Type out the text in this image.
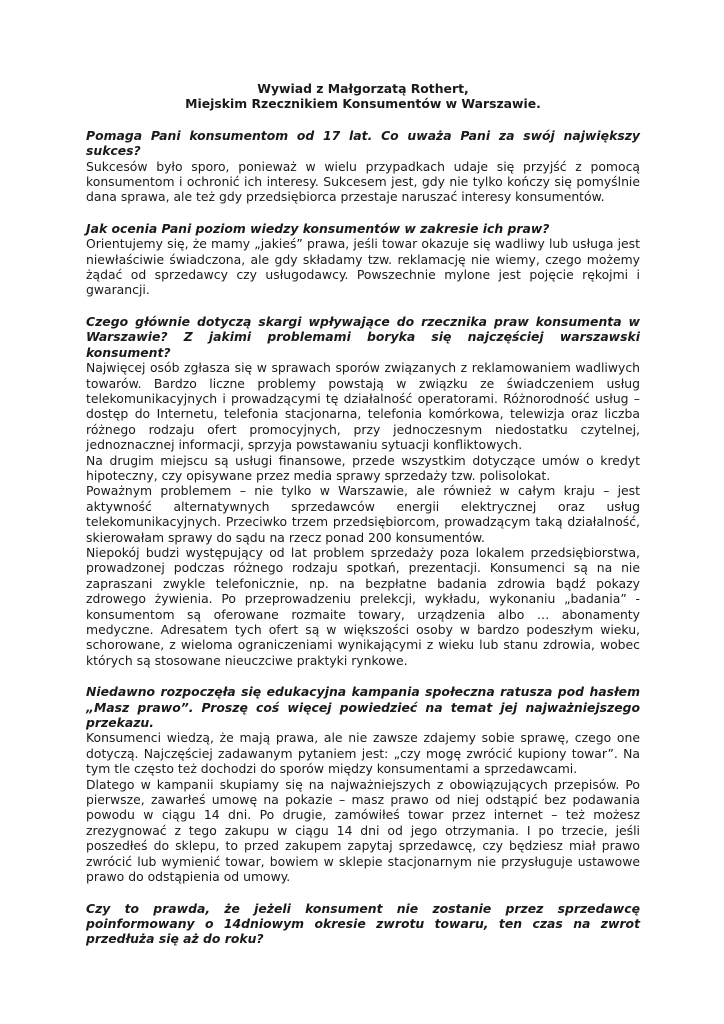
Wywiad z Małgorzatą Rothert,
Miejskim Rzecznikiem Konsumentów w Warszawie.

Pomaga Pani konsumentom od 17 lat. Co uważa Pani za swój największy sukces?

Sukcesów było sporo, ponieważ w wielu przypadkach udaje się przyjść z pomocą konsumentom i ochronić ich interesy. Sukcesem jest, gdy nie tylko kończy się pomyślnie dana sprawa, ale też gdy przedsiębiorca przestaje naruszać interesy konsumentów.

Jak ocenia Pani poziom wiedzy konsumentów w zakresie ich praw?

Orientujemy się, że mamy „jakieś” prawa, jeśli towar okazuje się wadliwy lub usługa jest niewłaściwie świadczona, ale gdy składamy tzw. reklamację nie wiemy, czego możemy żądać od sprzedawcy czy usługodawcy. Powszechnie mylone jest pojęcie rękojmi i gwarancji.

Czego głównie dotyczą skargi wpływające do rzecznika praw konsumenta w Warszawie? Z jakimi problemami boryka się najczęściej warszawski konsument?

Najwięcej osób zgłasza się w sprawach sporów związanych z reklamowaniem wadliwych towarów. Bardzo liczne problemy powstają w związku ze świadczeniem usług telekomunikacyjnych i prowadzącymi tę działalność operatorami. Różnorodność usług – dostęp do Internetu, telefonia stacjonarna, telefonia komórkowa, telewizja oraz liczba różnego rodzaju ofert promocyjnych, przy jednoczesnym niedostatku czytelnej, jednoznacznej informacji, sprzyja powstawaniu sytuacji konfliktowych.

Na drugim miejscu są usługi finansowe, przede wszystkim dotyczące umów o kredyt hipoteczny, czy opisywane przez media sprawy sprzedaży tzw. polisolokat.

Poważnym problemem – nie tylko w Warszawie, ale również w całym kraju – jest aktywność alternatywnych sprzedawców energii elektrycznej oraz usług telekomunikacyjnych. Przeciwko trzem przedsiębiorcom, prowadzącym taką działalność, skierowałam sprawy do sądu na rzecz ponad 200 konsumentów.

Niepokój budzi występujący od lat problem sprzedaży poza lokalem przedsiębiorstwa, prowadzonej podczas różnego rodzaju spotkań, prezentacji. Konsumenci są na nie zapraszani zwykle telefonicznie, np. na bezpłatne badania zdrowia bądź pokazy zdrowego żywienia. Po przeprowadzeniu prelekcji, wykładu, wykonaniu „badania” - konsumentom są oferowane rozmaite towary, urządzenia albo … abonamenty medyczne. Adresatem tych ofert są w większości osoby w bardzo podeszłym wieku, schorowane, z wieloma ograniczeniami wynikającymi z wieku lub stanu zdrowia, wobec których są stosowane nieuczciwe praktyki rynkowe.

Niedawno rozpoczęła się edukacyjna kampania społeczna ratusza pod hasłem „Masz prawo”. Proszę coś więcej powiedzieć na temat jej najważniejszego przekazu.

Konsumenci wiedzą, że mają prawa, ale nie zawsze zdajemy sobie sprawę, czego one dotyczą. Najczęściej zadawanym pytaniem jest: „czy mogę zwrócić kupiony towar”. Na tym tle często też dochodzi do sporów między konsumentami a sprzedawcami.

Dlatego w kampanii skupiamy się na najważniejszych z obowiązujących przepisów. Po pierwsze, zawarłeś umowę na pokazie – masz prawo od niej odstąpić bez podawania powodu w ciągu 14 dni. Po drugie, zamówiłeś towar przez internet – też możesz zrezygnować z tego zakupu w ciągu 14 dni od jego otrzymania. I po trzecie, jeśli poszedłeś do sklepu, to przed zakupem zapytaj sprzedawcę, czy będziesz miał prawo zwrócić lub wymienić towar, bowiem w sklepie stacjonarnym nie przysługuje ustawowe prawo do odstąpienia od umowy.

Czy to prawda, że jeżeli konsument nie zostanie przez sprzedawcę poinformowany o 14dniowym okresie zwrotu towaru, ten czas na zwrot przedłuża się aż do roku?
